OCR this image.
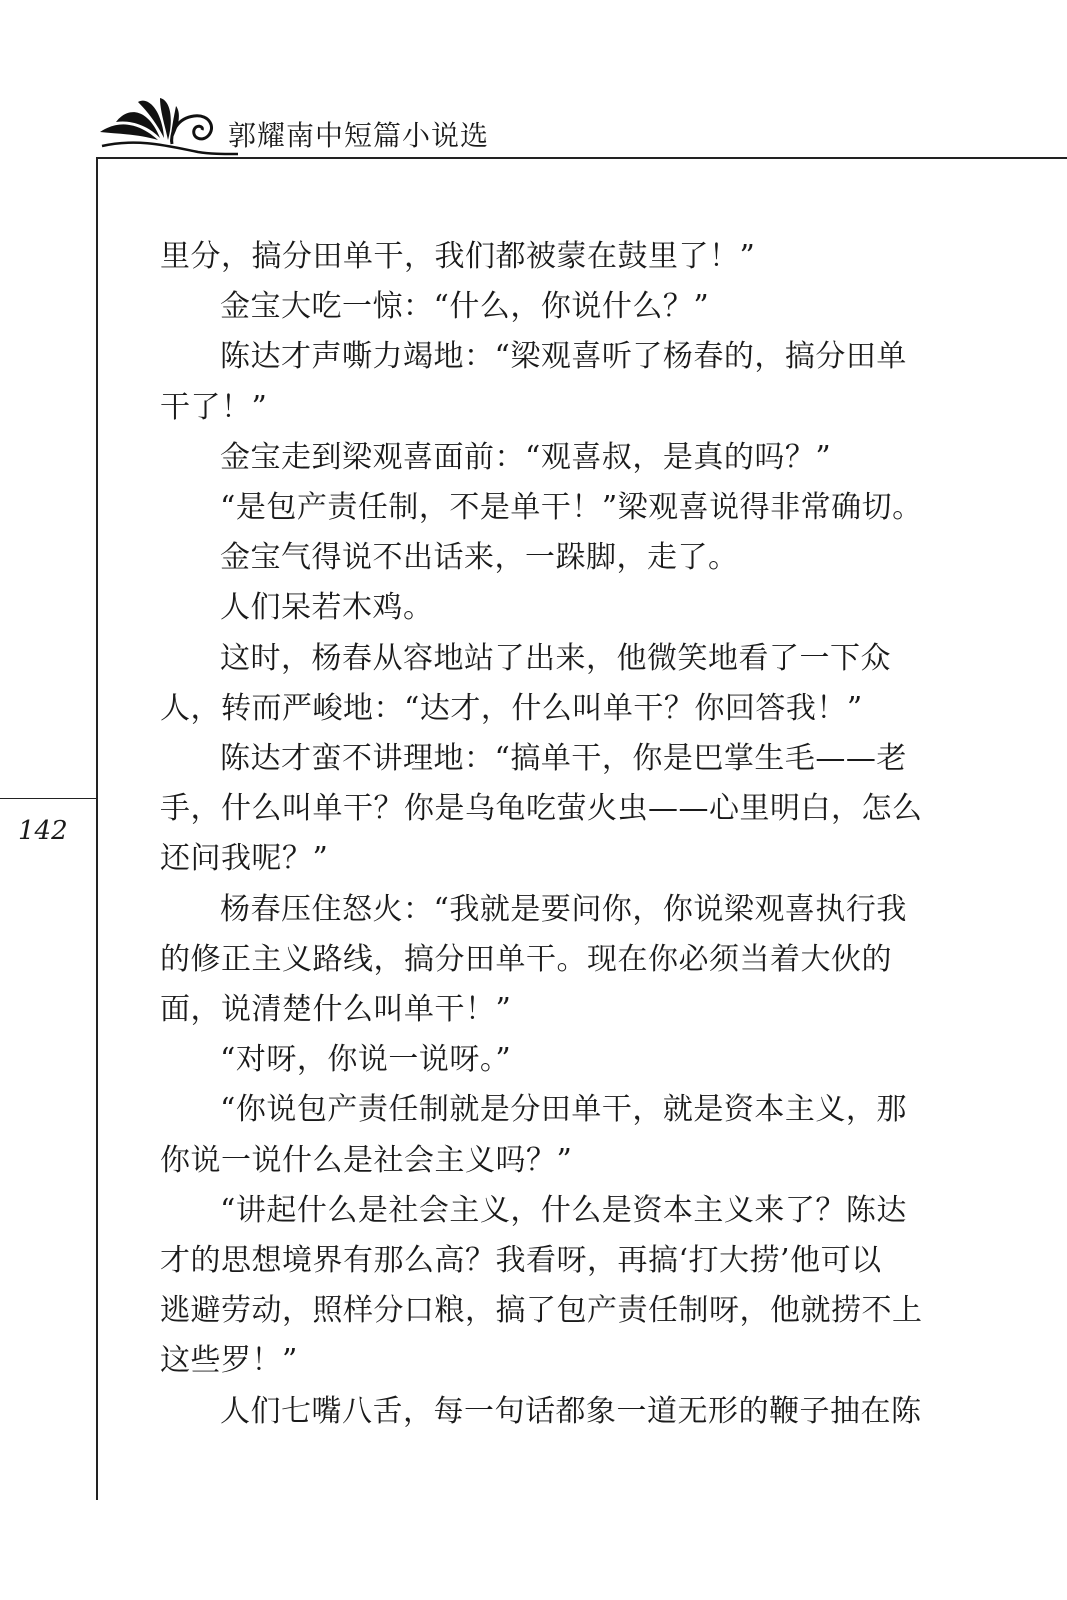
郭耀南中短篇小说选
142
里分，搞分田单干，我们都被蒙在鼓里了！”
金宝大吃一惊：“什么，你说什么？”
陈达才声嘶力竭地：“梁观喜听了杨春的，搞分田单
干了！”
金宝走到梁观喜面前：“观喜叔，是真的吗？”
“是包产责任制，不是单干！”梁观喜说得非常确切。
金宝气得说不出话来，一跺脚，走了。
人们呆若木鸡。
这时，杨春从容地站了出来，他微笑地看了一下众
人，转而严峻地：“达才，什么叫单干？你回答我！”
陈达才蛮不讲理地：“搞单干，你是巴掌生毛——老
手，什么叫单干？你是乌龟吃萤火虫——心里明白，怎么
还问我呢？”
杨春压住怒火：“我就是要问你，你说梁观喜执行我
的修正主义路线，搞分田单干。现在你必须当着大伙的
面，说清楚什么叫单干！”
“对呀，你说一说呀。”
“你说包产责任制就是分田单干，就是资本主义，那
你说一说什么是社会主义吗？”
“讲起什么是社会主义，什么是资本主义来了？陈达
才的思想境界有那么高？我看呀，再搞‘打大捞’他可以
逃避劳动，照样分口粮，搞了包产责任制呀，他就捞不上
这些罗！”
人们七嘴八舌，每一句话都象一道无形的鞭子抽在陈
